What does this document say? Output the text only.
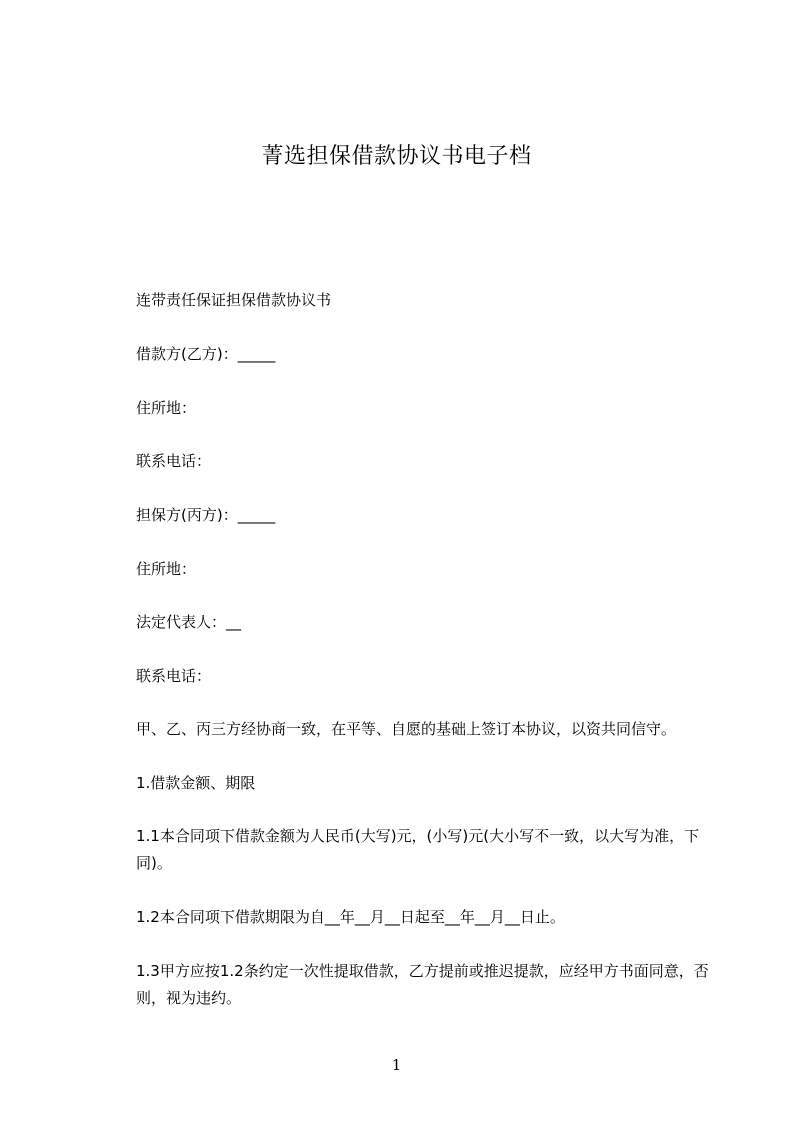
菁选担保借款协议书电子档
连带责任保证担保借款协议书
借款方(乙方)：_____
住所地：
联系电话：
担保方(丙方)：_____
住所地：
法定代表人：__
联系电话：
甲、乙、丙三方经协商一致，在平等、自愿的基础上签订本协议，以资共同信守。
1.借款金额、期限
1.1本合同项下借款金额为人民币(大写)元，(小写)元(大小写不一致，以大写为准，下同)。
1.2本合同项下借款期限为自__年__月__日起至__年__月__日止。
1.3甲方应按1.2条约定一次性提取借款，乙方提前或推迟提款，应经甲方书面同意，否则，视为违约。
1
